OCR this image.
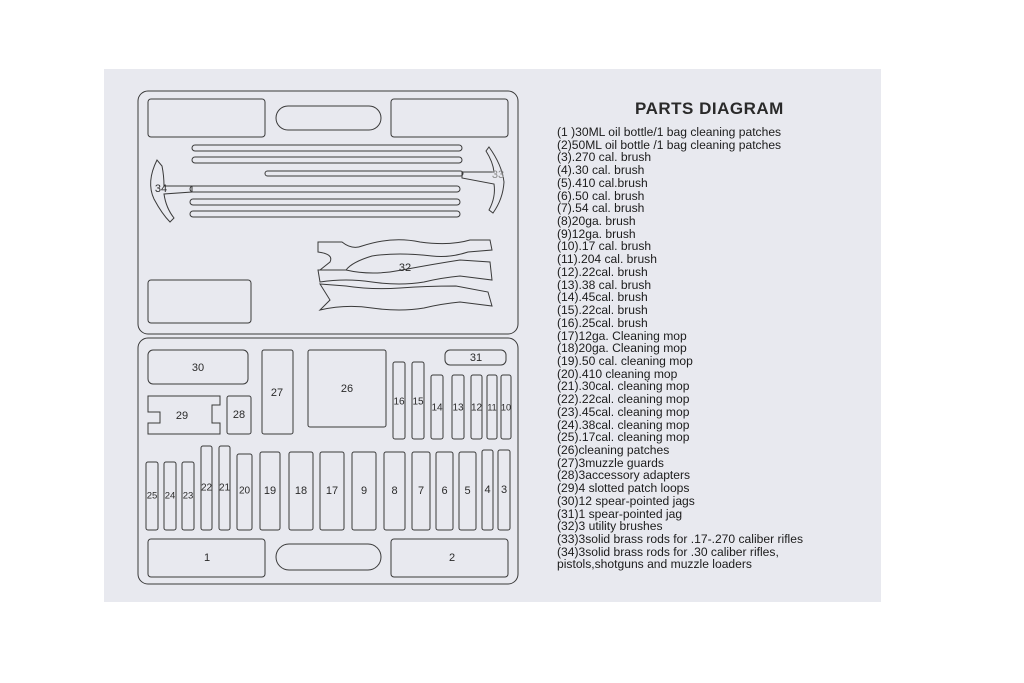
34
33
32
30
31
27	26
29	28
16 15
14 13 12 11 10
25 24 23
22 21 20 19 18 17 9 8 7 6 5 4 3
1	2
PARTS DIAGRAM
(1 )30ML oil bottle/1 bag cleaning patches
(2)50ML oil bottle /1 bag cleaning patches
(3).270 cal. brush
(4).30 cal. brush
(5).410 cal.brush
(6).50 cal. brush
(7).54 cal. brush
(8)20ga. brush
(9)12ga. brush
(10).17 cal. brush
(11).204 cal. brush
(12).22cal. brush
(13).38 cal. brush
(14).45cal. brush
(15).22cal. brush
(16).25cal. brush
(17)12ga. Cleaning mop
(18)20ga. Cleaning mop
(19).50 cal. cleaning mop
(20).410 cleaning mop
(21).30cal. cleaning mop
(22).22cal. cleaning mop
(23).45cal. cleaning mop
(24).38cal. cleaning mop
(25).17cal. cleaning mop
(26)cleaning patches
(27)3muzzle guards
(28)3accessory adapters
(29)4 slotted patch loops
(30)12 spear-pointed jags
(31)1 spear-pointed jag
(32)3 utility brushes
(33)3solid brass rods for .17-.270 caliber rifles
(34)3solid brass rods for .30 caliber rifles,
pistols,shotguns and muzzle loaders
